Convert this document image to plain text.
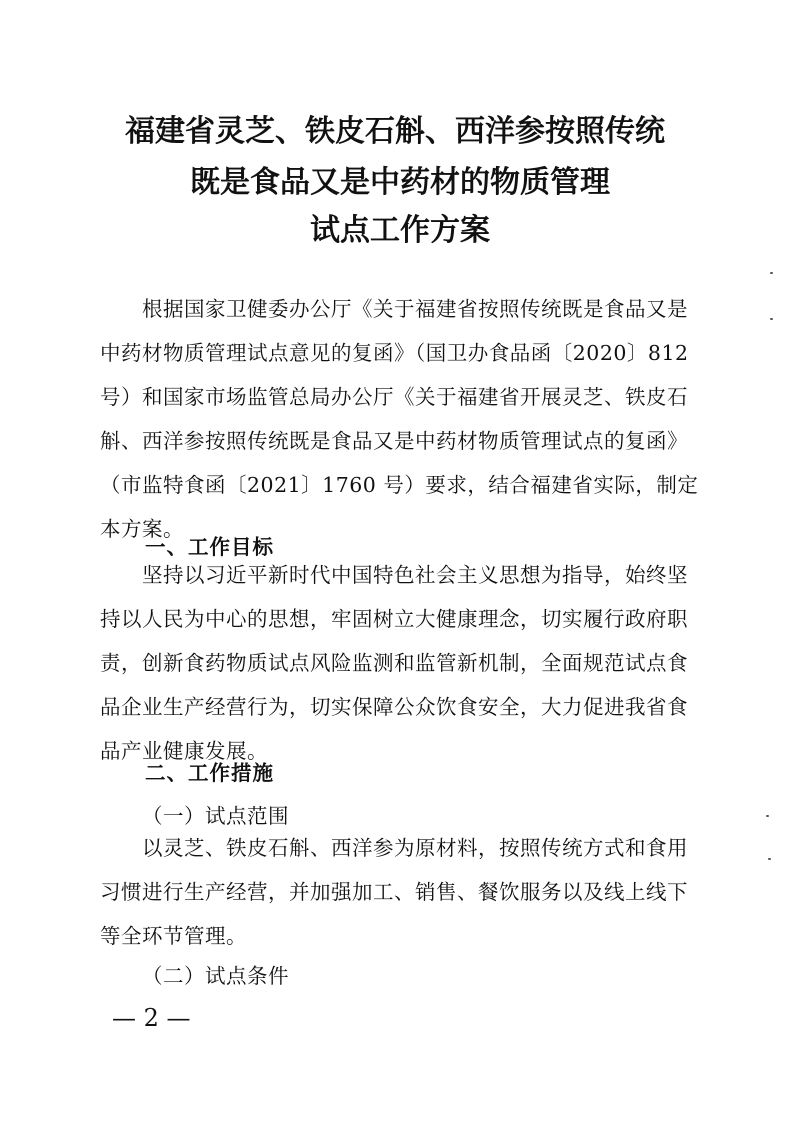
福建省灵芝、铁皮石斛、西洋参按照传统
既是食品又是中药材的物质管理
试点工作方案
　　根据国家卫健委办公厅《关于福建省按照传统既是食品又是
中药材物质管理试点意见的复函》（国卫办食品函〔2020〕812
号）和国家市场监管总局办公厅《关于福建省开展灵芝、铁皮石
斛、西洋参按照传统既是食品又是中药材物质管理试点的复函》
（市监特食函〔2021〕1760 号）要求，结合福建省实际，制定
本方案。
一、工作目标
　　坚持以习近平新时代中国特色社会主义思想为指导，始终坚
持以人民为中心的思想，牢固树立大健康理念，切实履行政府职
责，创新食药物质试点风险监测和监管新机制，全面规范试点食
品企业生产经营行为，切实保障公众饮食安全，大力促进我省食
品产业健康发展。
二、工作措施
（一）试点范围
　　以灵芝、铁皮石斛、西洋参为原材料，按照传统方式和食用
习惯进行生产经营，并加强加工、销售、餐饮服务以及线上线下
等全环节管理。
（二）试点条件
— 2 —
